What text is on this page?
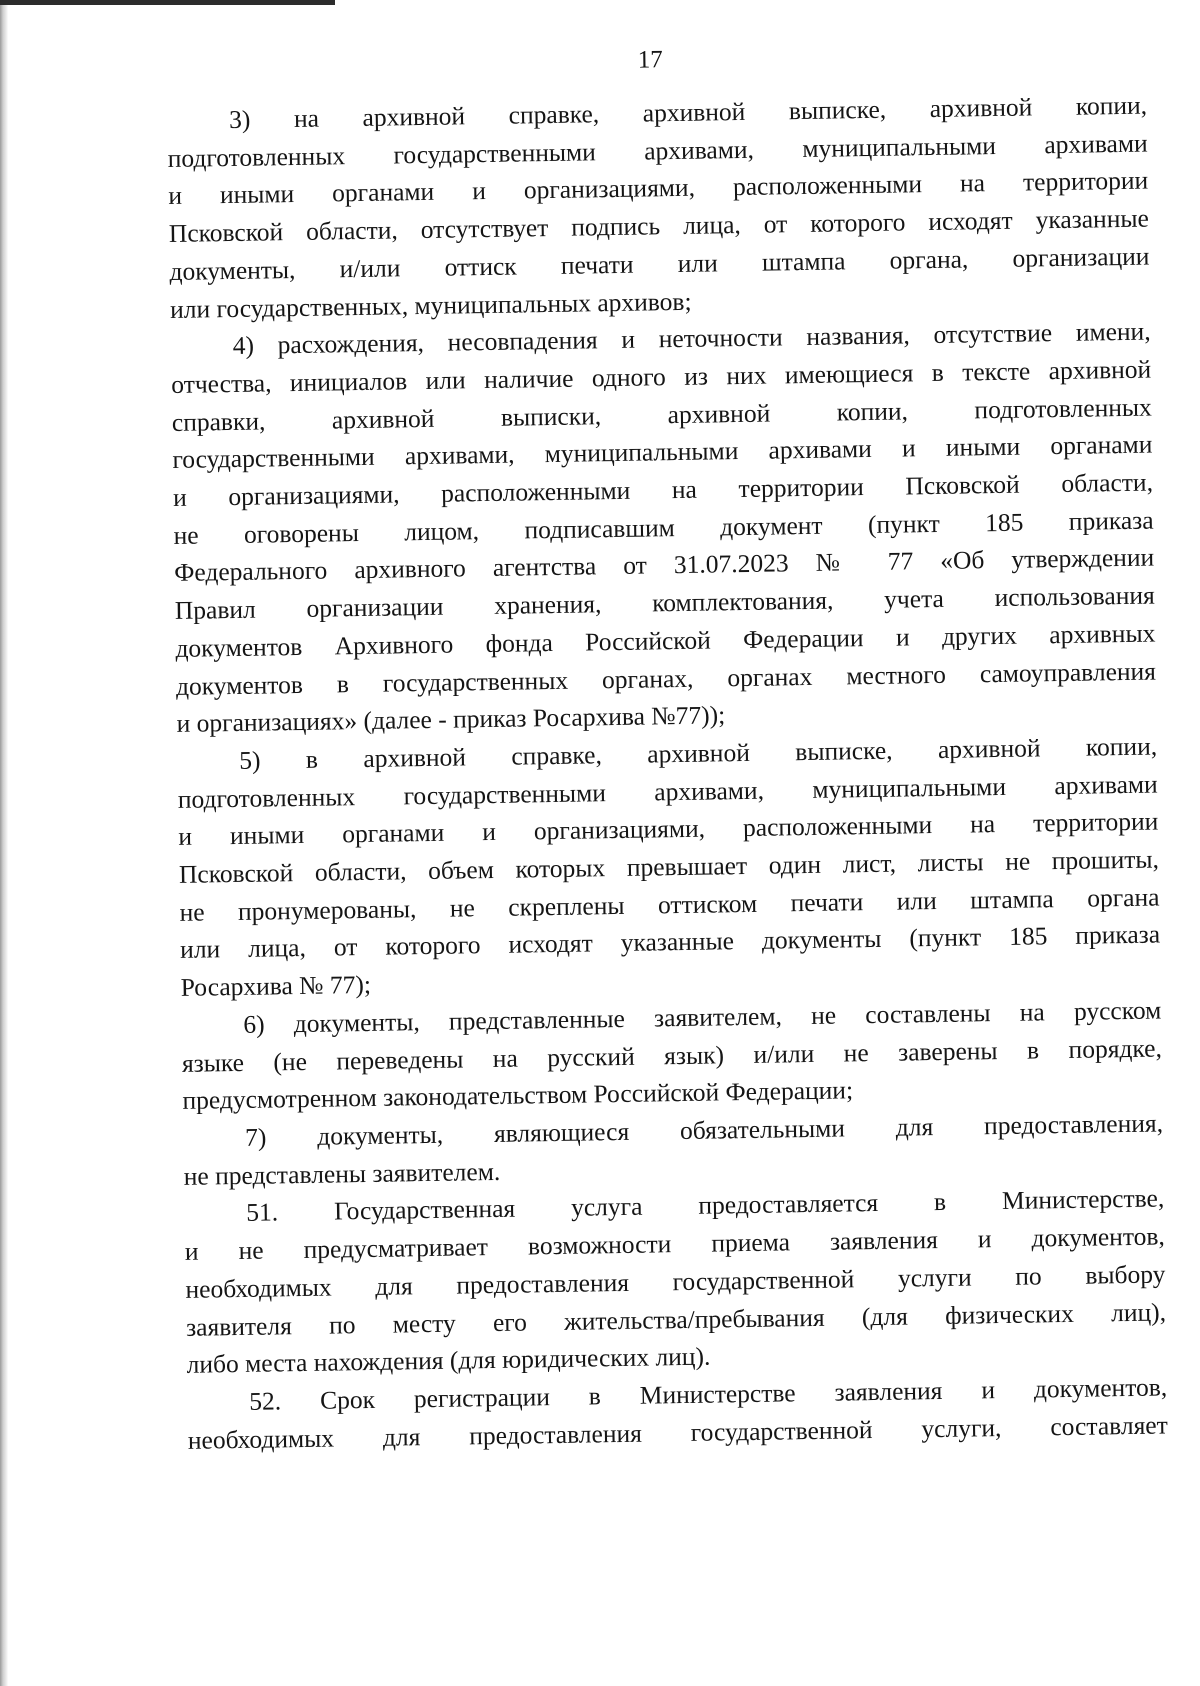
17
3) на архивной справке, архивной выписке, архивной копии,
подготовленных государственными архивами, муниципальными архивами
и иными органами и организациями, расположенными на территории
Псковской области, отсутствует подпись лица, от которого исходят указанные
документы, и/или оттиск печати или штампа органа, организации
или государственных, муниципальных архивов;
4) расхождения, несовпадения и неточности названия, отсутствие имени,
отчества, инициалов или наличие одного из них имеющиеся в тексте архивной
справки, архивной выписки, архивной копии, подготовленных
государственными архивами, муниципальными архивами и иными органами
и организациями, расположенными на территории Псковской области,
не оговорены лицом, подписавшим документ (пункт 185 приказа
Федерального архивного агентства от 31.07.2023 № 77 «Об утверждении
Правил организации хранения, комплектования, учета использования
документов Архивного фонда Российской Федерации и других архивных
документов в государственных органах, органах местного самоуправления
и организациях» (далее - приказ Росархива №77));
5) в архивной справке, архивной выписке, архивной копии,
подготовленных государственными архивами, муниципальными архивами
и иными органами и организациями, расположенными на территории
Псковской области, объем которых превышает один лист, листы не прошиты,
не пронумерованы, не скреплены оттиском печати или штампа органа
или лица, от которого исходят указанные документы (пункт 185 приказа
Росархива № 77);
6) документы, представленные заявителем, не составлены на русском
языке (не переведены на русский язык) и/или не заверены в порядке,
предусмотренном законодательством Российской Федерации;
7) документы, являющиеся обязательными для предоставления,
не представлены заявителем.
51. Государственная услуга предоставляется в Министерстве,
и не предусматривает возможности приема заявления и документов,
необходимых для предоставления государственной услуги по выбору
заявителя по месту его жительства/пребывания (для физических лиц),
либо места нахождения (для юридических лиц).
52. Срок регистрации в Министерстве заявления и документов,
необходимых для предоставления государственной услуги, составляет
